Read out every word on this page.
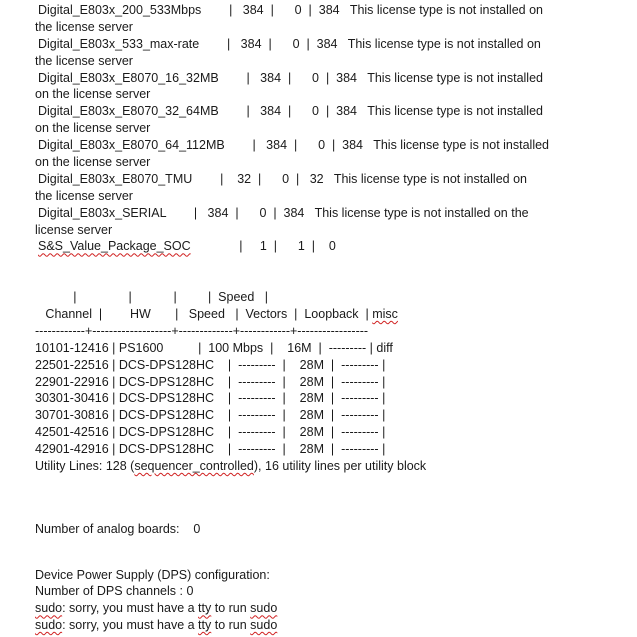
Digital_E803x_200_533Mbps |   384  |      0  |  384 This license type is not installed on
the license server
Digital_E803x_533_max-rate |   384  |      0  |  384 This license type is not installed on
the license server
Digital_E803x_E8070_16_32MB |   384  |      0  |  384 This license type is not installed
on the license server
Digital_E803x_E8070_32_64MB |   384  |      0  |  384 This license type is not installed
on the license server
Digital_E803x_E8070_64_112MB |   384  |      0  |  384 This license type is not installed
on the license server
Digital_E803x_E8070_TMU |    32  |      0  |   32 This license type is not installed on
the license server
Digital_E803x_SERIAL |   384  |      0  |  384 This license type is not installed on the
license server
S&S_Value_Package_SOC	|     1  |      1  |    0
|               |            |         |  Speed   |
Channel  |        HW       |   Speed   |  Vectors  |  Loopback  | misc
------------+-------------------+-------------+------------+-----------------
10101-12416 | PS1600          |  100 Mbps  |    16M  |  --------- | diff
22501-22516 | DCS-DPS128HC    |  ---------  |    28M  |  --------- |
22901-22916 | DCS-DPS128HC    |  ---------  |    28M  |  --------- |
30301-30416 | DCS-DPS128HC    |  ---------  |    28M  |  --------- |
30701-30816 | DCS-DPS128HC    |  ---------  |    28M  |  --------- |
42501-42516 | DCS-DPS128HC    |  ---------  |    28M  |  --------- |
42901-42916 | DCS-DPS128HC    |  ---------  |    28M  |  --------- |
Utility Lines: 128 (sequencer_controlled), 16 utility lines per utility block
Number of analog boards:    0
Device Power Supply (DPS) configuration:
Number of DPS channels : 0
sudo: sorry, you must have a tty to run sudo
sudo: sorry, you must have a tty to run sudo
